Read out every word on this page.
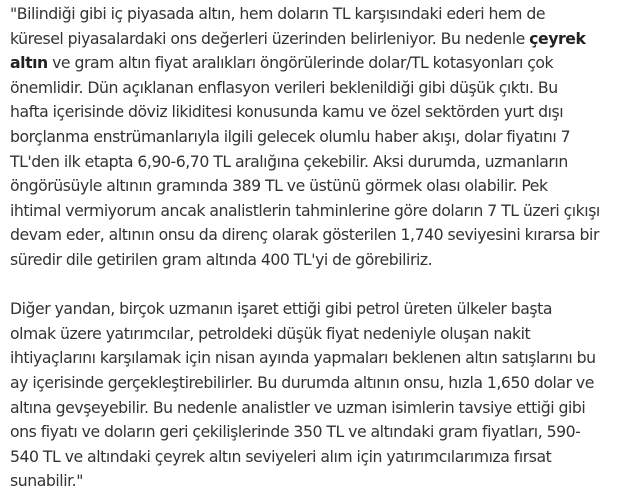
"Bilindiği gibi iç piyasada altın, hem doların TL karşısındaki ederi hem de
küresel piyasalardaki ons değerleri üzerinden belirleniyor. Bu nedenle çeyrek
altın ve gram altın fiyat aralıkları öngörülerinde dolar/TL kotasyonları çok
önemlidir. Dün açıklanan enflasyon verileri beklenildiği gibi düşük çıktı. Bu
hafta içerisinde döviz likiditesi konusunda kamu ve özel sektörden yurt dışı
borçlanma enstrümanlarıyla ilgili gelecek olumlu haber akışı, dolar fiyatını 7
TL'den ilk etapta 6,90-6,70 TL aralığına çekebilir. Aksi durumda, uzmanların
öngörüsüyle altının gramında 389 TL ve üstünü görmek olası olabilir. Pek
ihtimal vermiyorum ancak analistlerin tahminlerine göre doların 7 TL üzeri çıkışı
devam eder, altının onsu da direnç olarak gösterilen 1,740 seviyesini kırarsa bir
süredir dile getirilen gram altında 400 TL'yi de görebiliriz.

Diğer yandan, birçok uzmanın işaret ettiği gibi petrol üreten ülkeler başta
olmak üzere yatırımcılar, petroldeki düşük fiyat nedeniyle oluşan nakit
ihtiyaçlarını karşılamak için nisan ayında yapmaları beklenen altın satışlarını bu
ay içerisinde gerçekleştirebilirler. Bu durumda altının onsu, hızla 1,650 dolar ve
altına gevşeyebilir. Bu nedenle analistler ve uzman isimlerin tavsiye ettiği gibi
ons fiyatı ve doların geri çekilişlerinde 350 TL ve altındaki gram fiyatları, 590-
540 TL ve altındaki çeyrek altın seviyeleri alım için yatırımcılarımıza fırsat
sunabilir."
